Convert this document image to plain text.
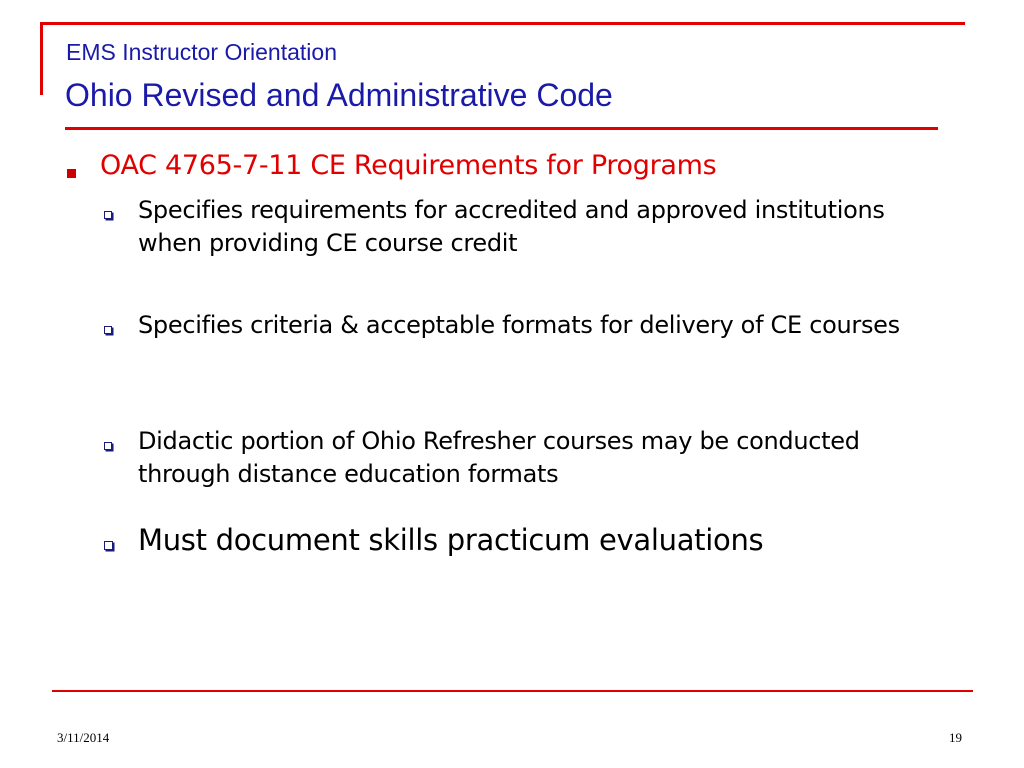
EMS Instructor Orientation
Ohio Revised and Administrative Code
OAC 4765-7-11 CE Requirements for Programs
Specifies requirements for accredited and approved institutions when providing CE course credit
Specifies criteria & acceptable formats for delivery of CE courses
Didactic portion of Ohio Refresher courses may be conducted through distance education formats
Must document skills practicum evaluations
3/11/2014	19
